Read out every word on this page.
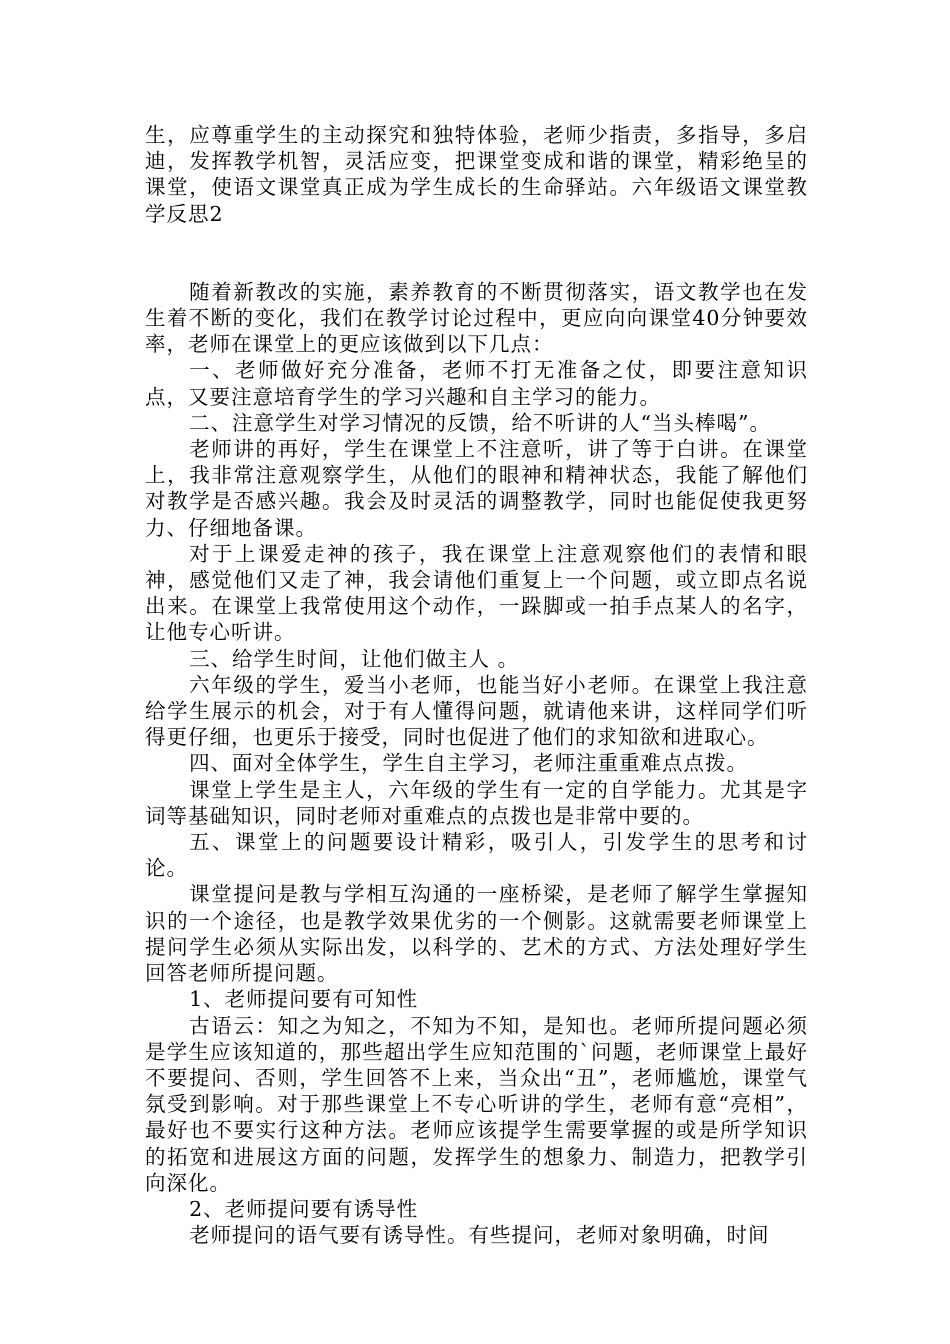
生，应尊重学生的主动探究和独特体验，老师少指责，多指导，多启迪，发挥教学机智，灵活应变，把课堂变成和谐的课堂，精彩绝呈的课堂，使语文课堂真正成为学生成长的生命驿站。六年级语文课堂教学反思2

随着新教改的实施，素养教育的不断贯彻落实，语文教学也在发生着不断的变化，我们在教学讨论过程中，更应向向课堂40分钟要效率，老师在课堂上的更应该做到以下几点：

一、老师做好充分准备，老师不打无准备之仗，即要注意知识点，又要注意培育学生的学习兴趣和自主学习的能力。

二、注意学生对学习情况的反馈，给不听讲的人“当头棒喝”。

老师讲的再好，学生在课堂上不注意听，讲了等于白讲。在课堂上，我非常注意观察学生，从他们的眼神和精神状态，我能了解他们对教学是否感兴趣。我会及时灵活的调整教学，同时也能促使我更努力、仔细地备课。

对于上课爱走神的孩子，我在课堂上注意观察他们的表情和眼神，感觉他们又走了神，我会请他们重复上一个问题，或立即点名说出来。在课堂上我常使用这个动作，一跺脚或一拍手点某人的名字，让他专心听讲。

三、给学生时间，让他们做主人 。

六年级的学生，爱当小老师，也能当好小老师。在课堂上我注意给学生展示的机会，对于有人懂得问题，就请他来讲，这样同学们听得更仔细，也更乐于接受，同时也促进了他们的求知欲和进取心。

四、面对全体学生，学生自主学习，老师注重重难点点拨。

课堂上学生是主人，六年级的学生有一定的自学能力。尤其是字词等基础知识，同时老师对重难点的点拨也是非常中要的。

五、课堂上的问题要设计精彩，吸引人，引发学生的思考和讨论。

课堂提问是教与学相互沟通的一座桥梁，是老师了解学生掌握知识的一个途径，也是教学效果优劣的一个侧影。这就需要老师课堂上提问学生必须从实际出发，以科学的、艺术的方式、方法处理好学生回答老师所提问题。

1、老师提问要有可知性

古语云：知之为知之，不知为不知，是知也。老师所提问题必须是学生应该知道的，那些超出学生应知范围的`问题，老师课堂上最好不要提问、否则，学生回答不上来，当众出“丑”，老师尴尬，课堂气氛受到影响。对于那些课堂上不专心听讲的学生，老师有意“亮相”，最好也不要实行这种方法。老师应该提学生需要掌握的或是所学知识的拓宽和进展这方面的问题，发挥学生的想象力、制造力，把教学引向深化。

2、老师提问要有诱导性

老师提问的语气要有诱导性。有些提问，老师对象明确，时间
